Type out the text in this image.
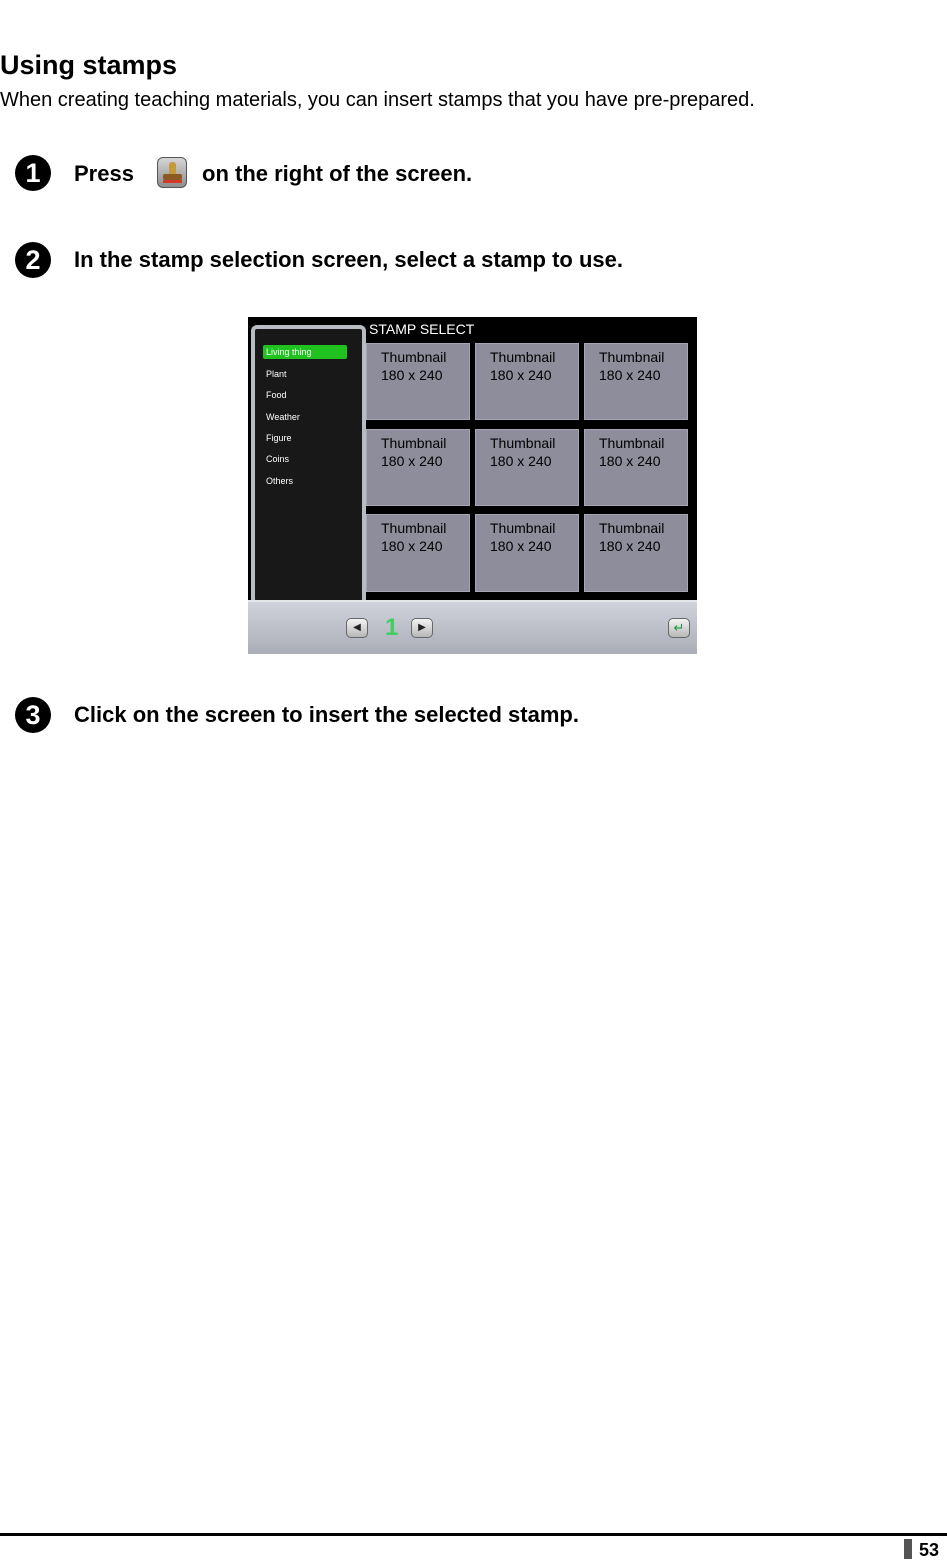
Using stamps
When creating teaching materials, you can insert stamps that you have pre-prepared.
1	Press	on the right of the screen.
2	In the stamp selection screen, select a stamp to use.
Living thing
Plant
Food
Weather
Figure
Coins
Others
STAMP SELECT
Thumbnail
180 x 240
Thumbnail
180 x 240
Thumbnail
180 x 240
Thumbnail
180 x 240
Thumbnail
180 x 240
Thumbnail
180 x 240
Thumbnail
180 x 240
Thumbnail
180 x 240
Thumbnail
180 x 240
◀ 1	▶	↵
3	Click on the screen to insert the selected stamp.
53
